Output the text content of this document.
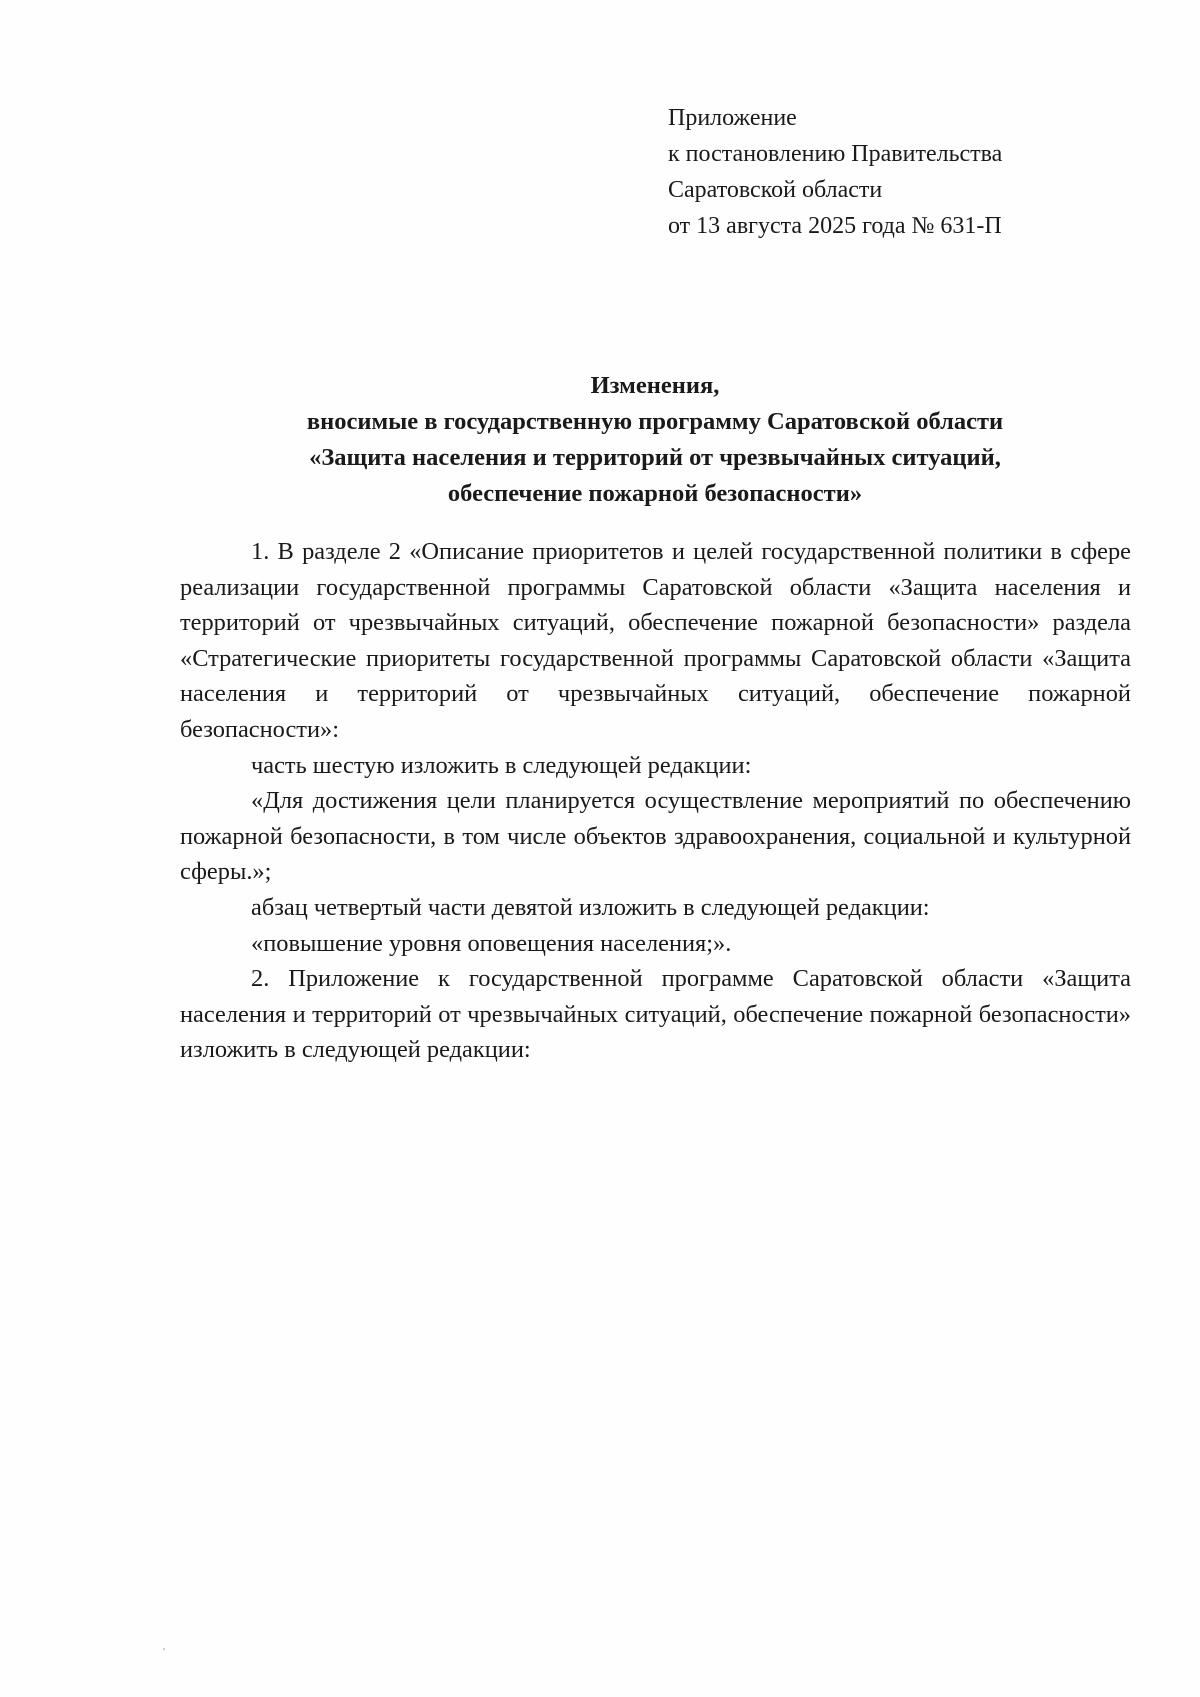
Приложение
к постановлению Правительства
Саратовской области
от 13 августа 2025 года № 631-П
Изменения,
вносимые в государственную программу Саратовской области
«Защита населения и территорий от чрезвычайных ситуаций,
обеспечение пожарной безопасности»

1. В разделе 2 «Описание приоритетов и целей государственной политики в сфере реализации государственной программы Саратовской области «Защита населения и территорий от чрезвычайных ситуаций, обеспечение пожарной безопасности» раздела «Стратегические приоритеты государственной программы Саратовской области «Защита населения и территорий от чрезвычайных ситуаций, обеспечение пожарной безопасности»:

часть шестую изложить в следующей редакции:

«Для достижения цели планируется осуществление мероприятий по обеспечению пожарной безопасности, в том числе объектов здравоохранения, социальной и культурной сферы.»;

абзац четвертый части девятой изложить в следующей редакции:

«повышение уровня оповещения населения;».

2. Приложение к государственной программе Саратовской области «Защита населения и территорий от чрезвычайных ситуаций, обеспечение пожарной безопасности» изложить в следующей редакции:
